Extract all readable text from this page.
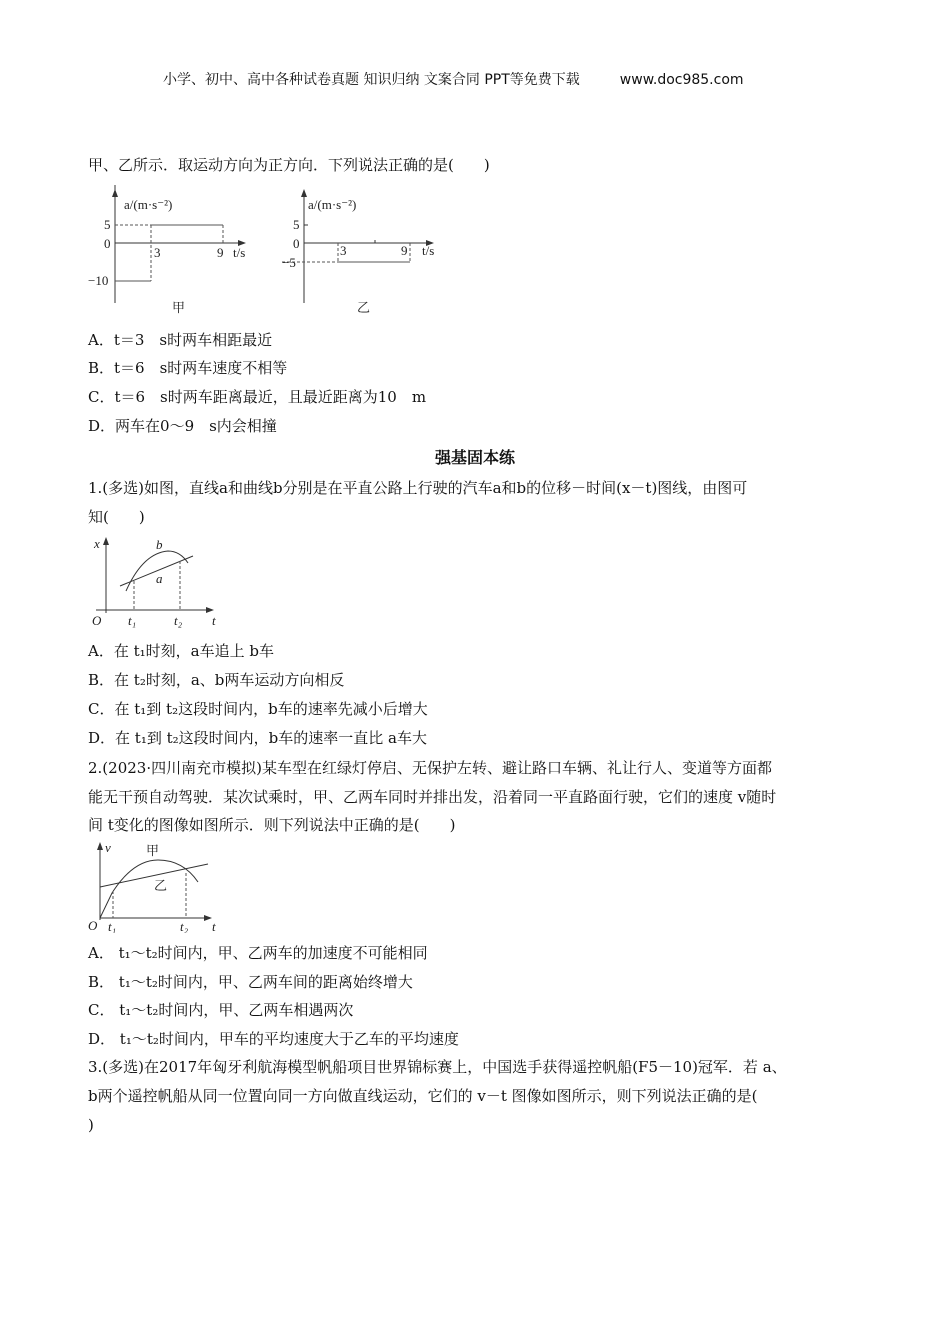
小学、初中、高中各种试卷真题 知识归纳 文案合同 PPT等免费下载	www.doc985.com
甲、乙所示．取运动方向为正方向．下列说法正确的是(　　)
a/(m·s⁻²)
5
0
−10
3	9 t/s
甲
a/(m·s⁻²)
5
0
−5
3	9 t/s
乙
A．t＝3　s时两车相距最近
B．t＝6　s时两车速度不相等
C．t＝6　s时两车距离最近，且最近距离为10　m
D．两车在0～9　s内会相撞
强基固本练
1.(多选)如图，直线a和曲线b分别是在平直公路上行驶的汽车a和b的位移－时间(x－t)图线，由图可
知(　　)
x	b
a
O t₁	t₂ t
A．在 t₁时刻，a车追上 b车
B．在 t₂时刻，a、b两车运动方向相反
C．在 t₁到 t₂这段时间内，b车的速率先减小后增大
D．在 t₁到 t₂这段时间内，b车的速率一直比 a车大
2.(2023·四川南充市模拟)某车型在红绿灯停启、无保护左转、避让路口车辆、礼让行人、变道等方面都
能无干预自动驾驶．某次试乘时，甲、乙两车同时并排出发，沿着同一平直路面行驶，它们的速度 v随时
间 t变化的图像如图所示．则下列说法中正确的是(　　)
v	甲
乙
O t₁	t₂ t
A． t₁～t₂时间内，甲、乙两车的加速度不可能相同
B． t₁～t₂时间内，甲、乙两车间的距离始终增大
C． t₁～t₂时间内，甲、乙两车相遇两次
D． t₁～t₂时间内，甲车的平均速度大于乙车的平均速度
3.(多选)在2017年匈牙利航海模型帆船项目世界锦标赛上，中国选手获得遥控帆船(F5－10)冠军．若 a、
b两个遥控帆船从同一位置向同一方向做直线运动，它们的 v－t 图像如图所示，则下列说法正确的是(
)
